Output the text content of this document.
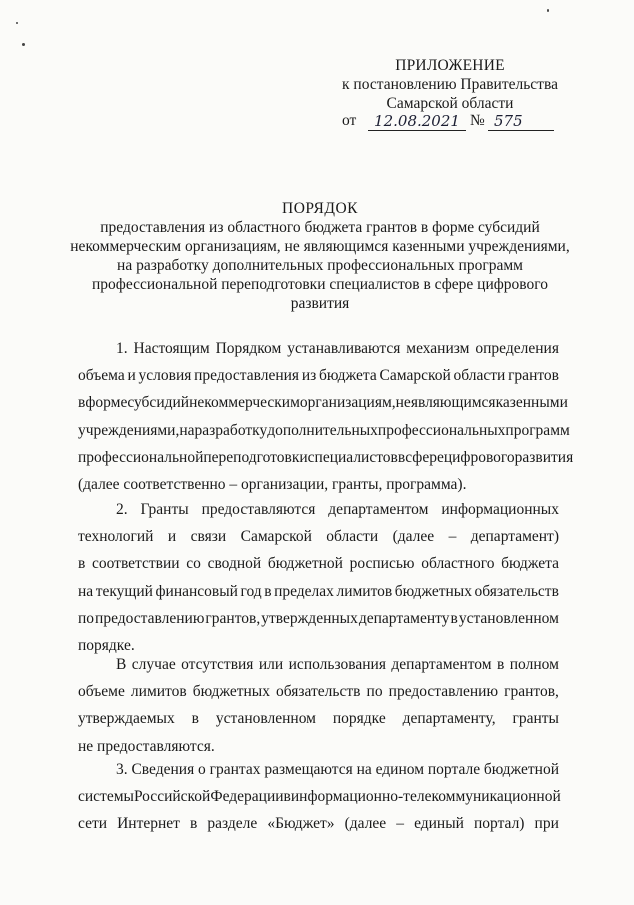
ПРИЛОЖЕНИЕ
к постановлению Правительства
Самарской области
от	12.08.2021 № 575
ПОРЯДОК
предоставления из областного бюджета грантов в форме субсидий
некоммерческим организациям, не являющимся казенными учреждениями,
на разработку дополнительных профессиональных программ
профессиональной переподготовки специалистов в сфере цифрового
развития
1. Настоящим Порядком устанавливаются механизм определения
объема и условия предоставления из бюджета Самарской области грантов
в форме субсидий некоммерческим организациям, не являющимся казенными
учреждениями, на разработку дополнительных профессиональных программ
профессиональной переподготовки специалистов в сфере цифрового развития
(далее соответственно – организации, гранты, программа).
2. Гранты предоставляются департаментом информационных
технологий и связи Самарской области (далее – департамент)
в соответствии со сводной бюджетной росписью областного бюджета
на текущий финансовый год в пределах лимитов бюджетных обязательств
по предоставлению грантов, утвержденных департаменту в установленном
порядке.
В случае отсутствия или использования департаментом в полном
объеме лимитов бюджетных обязательств по предоставлению грантов,
утверждаемых в установленном порядке департаменту, гранты
не предоставляются.
3. Сведения о грантах размещаются на едином портале бюджетной
системы Российской Федерации в информационно-телекоммуникационной
сети Интернет в разделе «Бюджет» (далее – единый портал) при
